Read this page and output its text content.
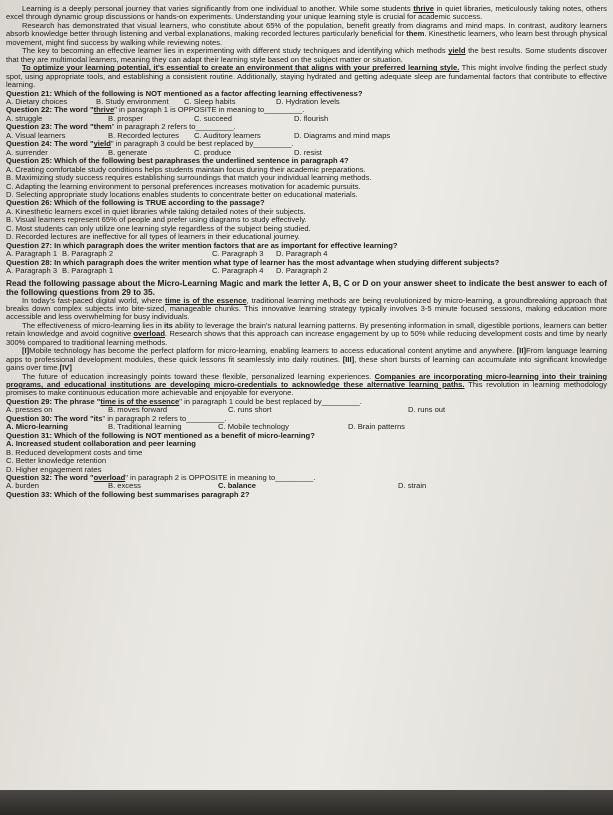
Learning is a deeply personal journey that varies significantly from one individual to another. While some students thrive in quiet libraries, meticulously taking notes, others excel through dynamic group discussions or hands-on experiments. Understanding your unique learning style is crucial for academic success.

Research has demonstrated that visual learners, who constitute about 65% of the population, benefit greatly from diagrams and mind maps. In contrast, auditory learners absorb knowledge better through listening and verbal explanations, making recorded lectures particularly beneficial for them. Kinesthetic learners, who learn best through physical movement, might find success by walking while reviewing notes.

The key to becoming an effective learner lies in experimenting with different study techniques and identifying which methods yield the best results. Some students discover that they are multimodal learners, meaning they can adapt their learning style based on the subject matter or situation.

To optimize your learning potential, it's essential to create an environment that aligns with your preferred learning style. This might involve finding the perfect study spot, using appropriate tools, and establishing a consistent routine. Additionally, staying hydrated and getting adequate sleep are fundamental factors that contribute to effective learning.

Question 21: Which of the following is NOT mentioned as a factor affecting learning effectiveness?

A. Dietary choices	B. Study environment	C. Sleep habits	D. Hydration levels

Question 22: The word "thrive" in paragraph 1 is OPPOSITE in meaning to_________.

A. struggle	B. prosper	C. succeed	D. flourish

Question 23: The word "them" in paragraph 2 refers to_________.

A. Visual learners	B. Recorded lectures	C. Auditory learners	D. Diagrams and mind maps

Question 24: The word "yield" in paragraph 3 could be best replaced by_________.

A. surrender	B. generate	C. produce	D. resist

Question 25: Which of the following best paraphrases the underlined sentence in paragraph 4?

A. Creating comfortable study conditions helps students maintain focus during their academic preparations.

B. Maximizing study success requires establishing surroundings that match your individual learning methods.

C. Adapting the learning environment to personal preferences increases motivation for academic pursuits.

D. Selecting appropriate study locations enables students to concentrate better on educational materials.

Question 26: Which of the following is TRUE according to the passage?

A. Kinesthetic learners excel in quiet libraries while taking detailed notes of their subjects.

B. Visual learners represent 65% of people and prefer using diagrams to study effectively.

C. Most students can only utilize one learning style regardless of the subject being studied.

D. Recorded lectures are ineffective for all types of learners in their educational journey.

Question 27: In which paragraph does the writer mention factors that are as important for effective learning?

A. Paragraph 1 B. Paragraph 2	C. Paragraph 3	D. Paragraph 4

Question 28: In which paragraph does the writer mention what type of learner has the most advantage when studying different subjects?

A. Paragraph 3 B. Paragraph 1	C. Paragraph 4	D. Paragraph 2

Read the following passage about the Micro-Learning Magic and mark the letter A, B, C or D on your answer sheet to indicate the best answer to each of the following questions from 29 to 35.

In today's fast-paced digital world, where time is of the essence, traditional learning methods are being revolutionized by micro-learning, a groundbreaking approach that breaks down complex subjects into bite-sized, manageable chunks. This innovative learning strategy typically involves 3-5 minute focused sessions, making education more accessible and less overwhelming for busy individuals.

The effectiveness of micro-learning lies in its ability to leverage the brain's natural learning patterns. By presenting information in small, digestible portions, learners can better retain knowledge and avoid cognitive overload. Research shows that this approach can increase engagement by up to 50% while reducing development costs and time by nearly 300% compared to traditional learning methods.

[I]Mobile technology has become the perfect platform for micro-learning, enabling learners to access educational content anytime and anywhere. [II]From language learning apps to professional development modules, these quick lessons fit seamlessly into daily routines. [III], these short bursts of learning can accumulate into significant knowledge gains over time.[IV]

The future of education increasingly points toward these flexible, personalized learning experiences. Companies are incorporating micro-learning into their training programs, and educational institutions are developing micro-credentials to acknowledge these alternative learning paths. This revolution in learning methodology promises to make continuous education more achievable and enjoyable for everyone.

Question 29: The phrase "time is of the essence" in paragraph 1 could be best replaced by_________.

A. presses on	B. moves forward	C. runs short	D. runs out

Question 30: The word "its" in paragraph 2 refers to_________.

A. Micro-learning	B. Traditional learning	C. Mobile technology	D. Brain patterns

Question 31: Which of the following is NOT mentioned as a benefit of micro-learning?

A. Increased student collaboration and peer learning

B. Reduced development costs and time

C. Better knowledge retention

D. Higher engagement rates

Question 32: The word "overload" in paragraph 2 is OPPOSITE in meaning to_________.

A. burden	B. excess	C. balance	D. strain

Question 33: Which of the following best summarises paragraph 2?
